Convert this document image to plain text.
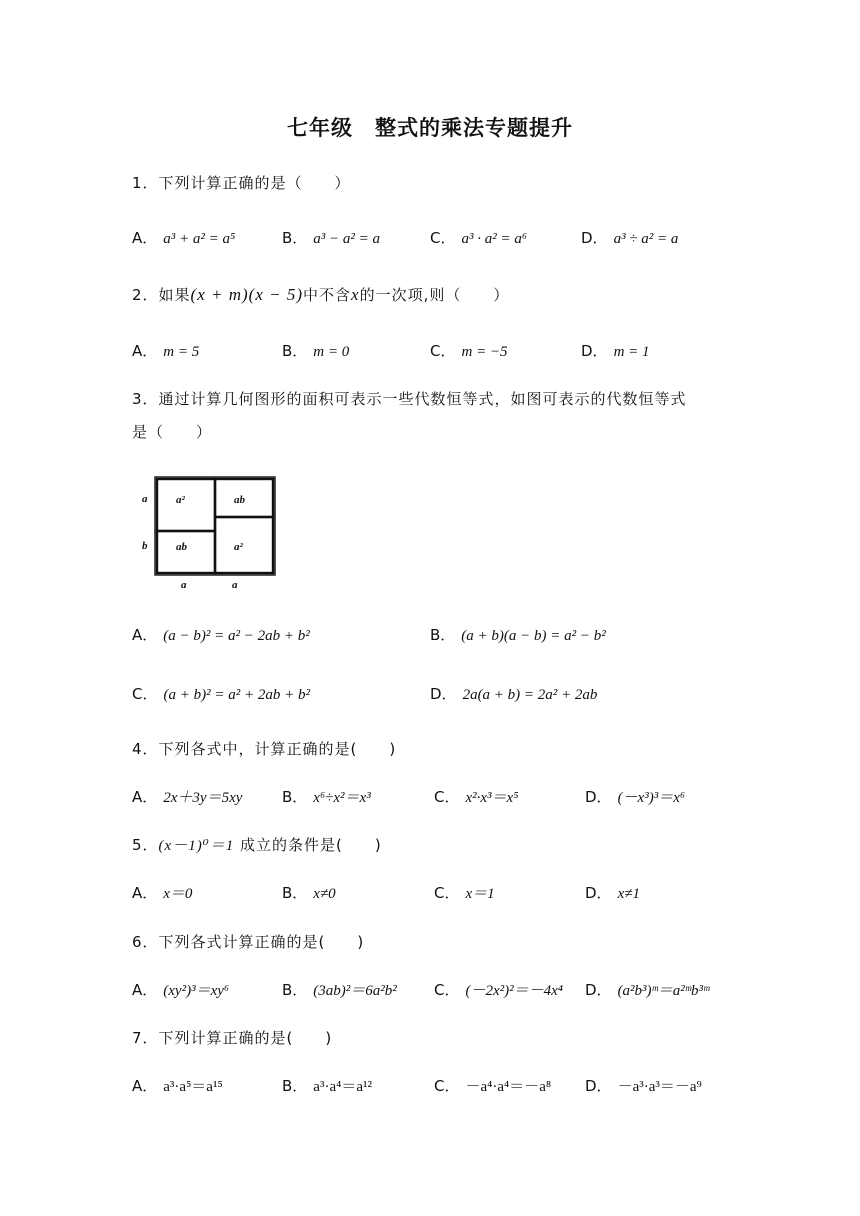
七年级　整式的乘法专题提升
1．下列计算正确的是（　　）
A． a³ + a² = a⁵	B． a³ − a² = a	C． a³ · a² = a⁶	D． a³ ÷ a² = a
2．如果(x + m)(x − 5)中不含x的一次项,则（　　）
A． m = 5	B． m = 0	C． m = −5	D． m = 1
3．通过计算几何图形的面积可表示一些代数恒等式，如图可表示的代数恒等式
是（　　）
a
b
a	a
a²	ab
ab	a²
A． (a − b)² = a² − 2ab + b²	B． (a + b)(a − b) = a² − b²
C． (a + b)² = a² + 2ab + b²	D． 2a(a + b) = 2a² + 2ab
4．下列各式中，计算正确的是(　　)
A． 2x＋3y＝5xy	B． x⁶÷x²＝x³	C． x²·x³＝x⁵	D． (－x³)³＝x⁶
5．(x－1)⁰＝1 成立的条件是(　　)
A． x＝0	B． x≠0	C． x＝1	D． x≠1
6．下列各式计算正确的是(　　)
A． (xy²)³＝xy⁶	B． (3ab)²＝6a²b² C． (－2x²)²＝－4x⁴ D． (a²b³)ᵐ＝a²ᵐb³ᵐ
7．下列计算正确的是(　　)
A． a³·a⁵＝a¹⁵	B． a³·a⁴＝a¹²	C． －a⁴·a⁴＝－a⁸ D． －a³·a³＝－a⁹
